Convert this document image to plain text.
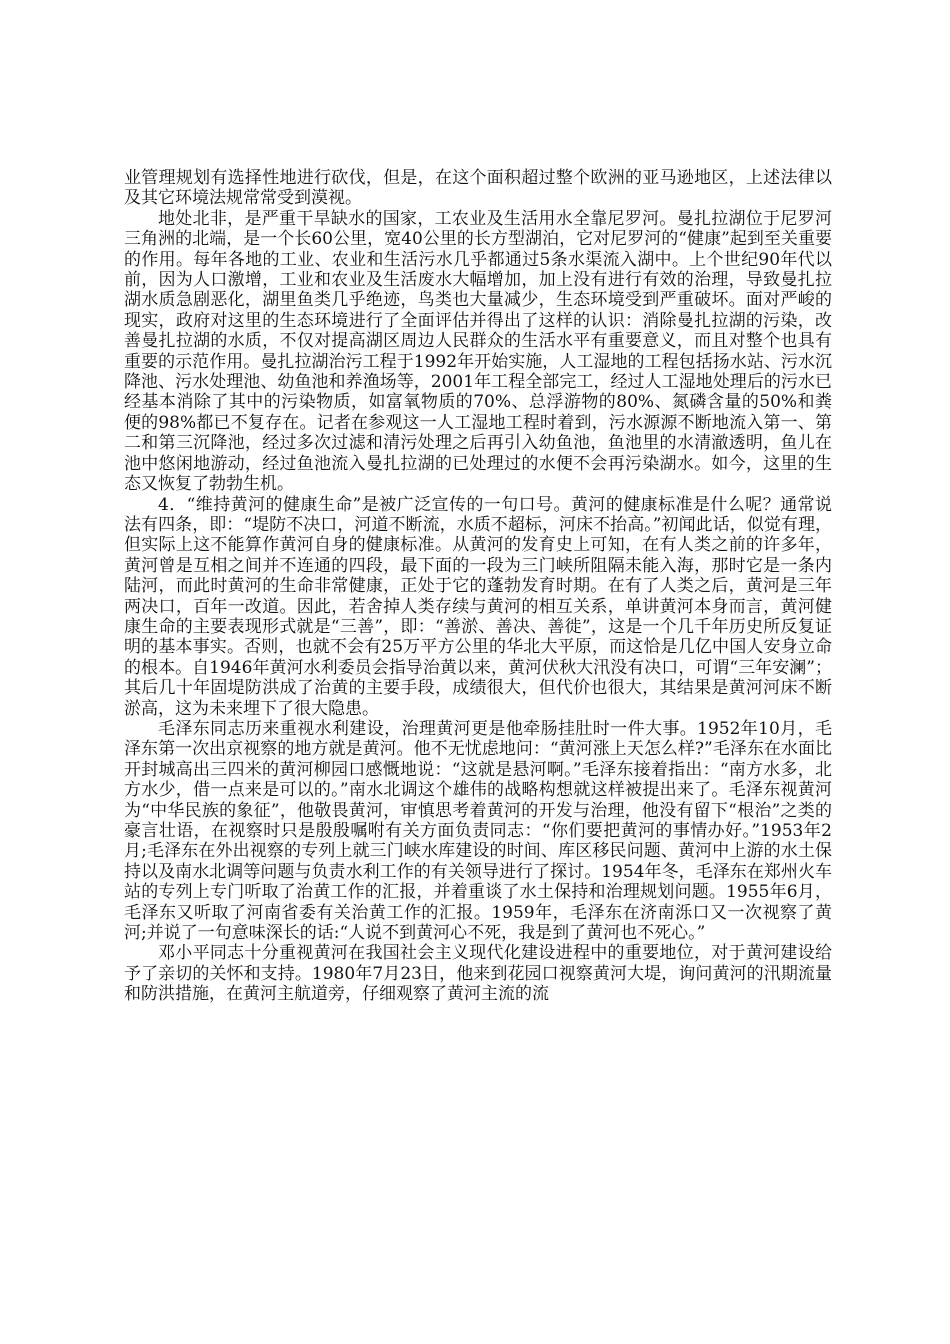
业管理规划有选择性地进行砍伐，但是，在这个面积超过整个欧洲的亚马逊地区，上述法律以及其它环境法规常常受到漠视。

地处北非，是严重干旱缺水的国家，工农业及生活用水全靠尼罗河。曼扎拉湖位于尼罗河三角洲的北端，是一个长60公里，宽40公里的长方型湖泊，它对尼罗河的“健康”起到至关重要的作用。每年各地的工业、农业和生活污水几乎都通过5条水渠流入湖中。上个世纪90年代以前，因为人口激增，工业和农业及生活废水大幅增加，加上没有进行有效的治理，导致曼扎拉湖水质急剧恶化，湖里鱼类几乎绝迹，鸟类也大量减少，生态环境受到严重破坏。面对严峻的现实，政府对这里的生态环境进行了全面评估并得出了这样的认识：消除曼扎拉湖的污染，改善曼扎拉湖的水质，不仅对提高湖区周边人民群众的生活水平有重要意义，而且对整个也具有重要的示范作用。曼扎拉湖治污工程于1992年开始实施，人工湿地的工程包括扬水站、污水沉降池、污水处理池、幼鱼池和养渔场等，2001年工程全部完工，经过人工湿地处理后的污水已经基本消除了其中的污染物质，如富氧物质的70%、总浮游物的80%、氮磷含量的50%和粪便的98%都已不复存在。记者在参观这一人工湿地工程时着到，污水源源不断地流入第一、第二和第三沉降池，经过多次过滤和清污处理之后再引入幼鱼池，鱼池里的水清澈透明，鱼儿在池中悠闲地游动，经过鱼池流入曼扎拉湖的已处理过的水便不会再污染湖水。如今，这里的生态又恢复了勃勃生机。

4．“维持黄河的健康生命”是被广泛宣传的一句口号。黄河的健康标准是什么呢？通常说法有四条，即：“堤防不决口，河道不断流，水质不超标，河床不抬高。”初闻此话，似觉有理，但实际上这不能算作黄河自身的健康标准。从黄河的发育史上可知，在有人类之前的许多年，黄河曾是互相之间并不连通的四段，最下面的一段为三门峡所阻隔未能入海，那时它是一条内陆河，而此时黄河的生命非常健康，正处于它的蓬勃发育时期。在有了人类之后，黄河是三年两决口，百年一改道。因此，若舍掉人类存续与黄河的相互关系，单讲黄河本身而言，黄河健康生命的主要表现形式就是“三善”，即：“善淤、善决、善徙”，这是一个几千年历史所反复证明的基本事实。否则，也就不会有25万平方公里的华北大平原，而这恰是几亿中国人安身立命的根本。自1946年黄河水利委员会指导治黄以来，黄河伏秋大汛没有决口，可谓“三年安澜”；其后几十年固堤防洪成了治黄的主要手段，成绩很大，但代价也很大，其结果是黄河河床不断淤高，这为未来埋下了很大隐患。

毛泽东同志历来重视水利建设，治理黄河更是他牵肠挂肚时一件大事。1952年10月，毛泽东第一次出京视察的地方就是黄河。他不无忧虑地问：“黄河涨上天怎么样?”毛泽东在水面比开封城高出三四米的黄河柳园口感慨地说：“这就是悬河啊。”毛泽东接着指出：“南方水多，北方水少，借一点来是可以的。”南水北调这个雄伟的战略构想就这样被提出来了。毛泽东视黄河为“中华民族的象征”，他敬畏黄河，审慎思考着黄河的开发与治理，他没有留下“根治”之类的豪言壮语，在视察时只是殷殷嘱咐有关方面负责同志：“你们要把黄河的事情办好。”1953年2月;毛泽东在外出视察的专列上就三门峡水库建设的时间、库区移民问题、黄河中上游的水土保持以及南水北调等问题与负责水利工作的有关领导进行了探讨。1954年冬，毛泽东在郑州火车站的专列上专门听取了治黄工作的汇报，并着重谈了水土保持和治理规划问题。1955年6月，毛泽东又听取了河南省委有关治黄工作的汇报。1959年，毛泽东在济南泺口又一次视察了黄河;并说了一句意味深长的话:“人说不到黄河心不死，我是到了黄河也不死心。”

邓小平同志十分重视黄河在我国社会主义现代化建设进程中的重要地位，对于黄河建设给予了亲切的关怀和支持。1980年7月23日，他来到花园口视察黄河大堤，询问黄河的汛期流量和防洪措施，在黄河主航道旁，仔细观察了黄河主流的流
